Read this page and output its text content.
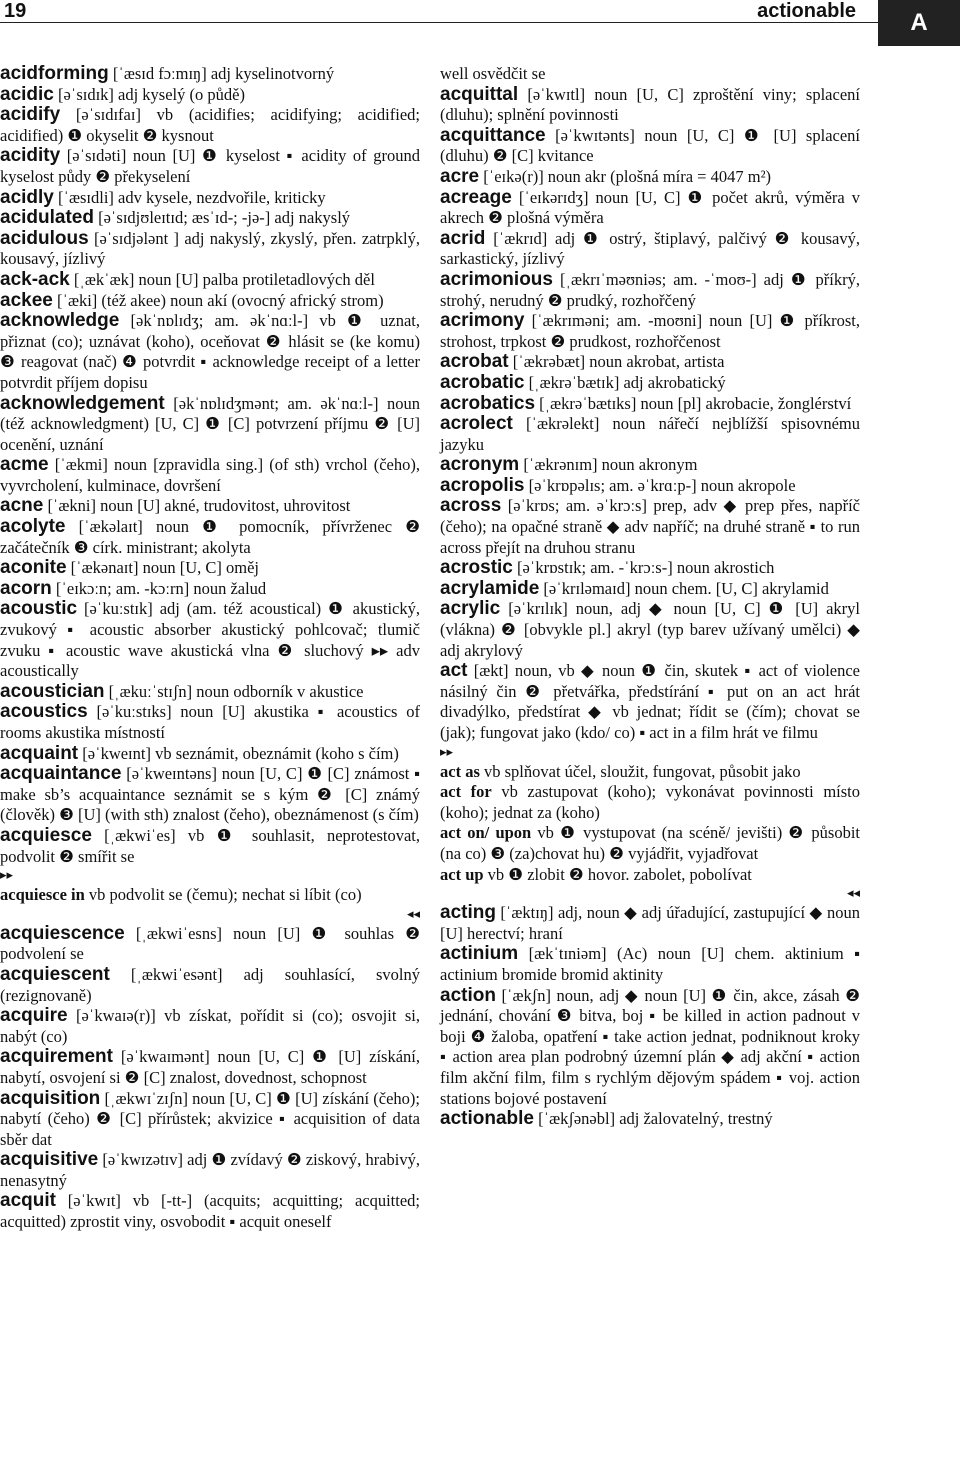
19	actionable A

acidforming [ˈæsɪd fɔːmɪŋ] adj kyselinotvorný

acidic [əˈsɪdɪk] adj kyselý (o půdě)

acidify [əˈsɪdɪfaɪ] vb (acidifies; acidifying; acidified; acidified) ❶ okyselit ❷ kysnout

acidity [əˈsɪdəti] noun [U] ❶ kyselost ▪ acidity of ground kyselost půdy ❷ překyselení

acidly [ˈæsɪdli] adv kysele, nezdvořile, kriticky

acidulated [əˈsɪdjʊleɪtɪd; æsˈɪd-; -jə-] adj nakyslý

acidulous [əˈsɪdjələnt ] adj nakyslý, zkyslý, přen. zatrpklý, kousavý, jízlivý

ack-ack [ˌækˈæk] noun [U] palba protiletadlových děl

ackee [ˈæki] (též akee) noun akí (ovocný africký strom)

acknowledge [əkˈnɒlɪdʒ; am. əkˈnɑːl-] vb ❶ uznat, přiznat (co); uznávat (koho), oceňovat ❷ hlásit se (ke komu) ❸ reagovat (nač) ❹ potvrdit ▪ acknowledge receipt of a letter potvrdit příjem dopisu

acknowledgement [əkˈnɒlɪdʒmənt; am. əkˈnɑːl-] noun (též acknowledgment) [U, C] ❶ [C] potvrzení příjmu ❷ [U] ocenění, uznání

acme [ˈækmi] noun [zpravidla sing.] (of sth) vrchol (čeho), vyvrcholení, kulminace, dovršení

acne [ˈækni] noun [U] akné, trudovitost, uhrovitost

acolyte [ˈækəlaɪt] noun ❶ pomocník, přívrženec ❷ začátečník ❸ círk. ministrant; akolyta

aconite [ˈækənaɪt] noun [U, C] oměj

acorn [ˈeɪkɔːn; am. -kɔːrn] noun žalud

acoustic [əˈkuːstɪk] adj (am. též acoustical) ❶ akustický, zvukový ▪ acoustic absorber akustický pohlcovač; tlumič zvuku ▪ acoustic wave akustická vlna ❷ sluchový ▸▸ adv acoustically

acoustician [ˌækuːˈstɪʃn] noun odborník v akustice

acoustics [əˈkuːstɪks] noun [U] akustika ▪ acoustics of rooms akustika místností

acquaint [əˈkweɪnt] vb seznámit, obeznámit (koho s čím)

acquaintance [əˈkweɪntəns] noun [U, C] ❶ [C] známost ▪ make sb’s acquaintance seznámit se s kým ❷ [C] známý (člověk) ❸ [U] (with sth) znalost (čeho), obeznámenost (s čím)

acquiesce [ˌækwiˈes] vb ❶ souhlasit, neprotestovat, podvolit ❷ smířit se

▸▸

acquiesce in vb podvolit se (čemu); nechat si líbit (co)

◂◂

acquiescence [ˌækwiˈesns] noun [U] ❶ souhlas ❷ podvolení se

acquiescent [ˌækwiˈesənt] adj souhlasící, svolný (rezignovaně)

acquire [əˈkwaɪə(r)] vb získat, pořídit si (co); osvojit si, nabýt (co)

acquirement [əˈkwaɪmənt] noun [U, C] ❶ [U] získání, nabytí, osvojení si ❷ [C] znalost, dovednost, schopnost

acquisition [ˌækwɪˈzɪʃn] noun [U, C] ❶ [U] získání (čeho); nabytí (čeho) ❷ [C] přírůstek; akvizice ▪ acquisition of data sběr dat

acquisitive [əˈkwɪzətɪv] adj ❶ zvídavý ❷ ziskový, hrabivý, nenasytný

acquit [əˈkwɪt] vb [-tt-] (acquits; acquitting; acquitted; acquitted) zprostit viny, osvobodit ▪ acquit oneself

well osvědčit se

acquittal [əˈkwɪtl] noun [U, C] zproštění viny; splacení (dluhu); splnění povinnosti

acquittance [əˈkwɪtənts] noun [U, C] ❶ [U] splacení (dluhu) ❷ [C] kvitance

acre [ˈeɪkə(r)] noun akr (plošná míra = 4047 m²)

acreage [ˈeɪkərɪdʒ] noun [U, C] ❶ počet akrů, výměra v akrech ❷ plošná výměra

acrid [ˈækrɪd] adj ❶ ostrý, štiplavý, palčivý ❷ kousavý, sarkastický, jízlivý

acrimonious [ˌækrɪˈməʊniəs; am. -ˈmoʊ-] adj ❶ příkrý, strohý, nerudný ❷ prudký, rozhořčený

acrimony [ˈækrɪməni; am. -moʊni] noun [U] ❶ příkrost, strohost, trpkost ❷ prudkost, rozhořčenost

acrobat [ˈækrəbæt] noun akrobat, artista

acrobatic [ˌækrəˈbætɪk] adj akrobatický

acrobatics [ˌækrəˈbætɪks] noun [pl] akrobacie, žonglérství

acrolect [ˈækrəlekt] noun nářečí nejblížší spisovnému jazyku

acronym [ˈækrənɪm] noun akronym

acropolis [əˈkrɒpəlɪs; am. əˈkrɑːp-] noun akropole

across [əˈkrɒs; am. əˈkrɔːs] prep, adv ◆ prep přes, napříč (čeho); na opačné straně ◆ adv napříč; na druhé straně ▪ to run across přejít na druhou stranu

acrostic [əˈkrɒstɪk; am. -ˈkrɔːs-] noun akrostich

acrylamide [əˈkrɪləmaɪd] noun chem. [U, C] akrylamid

acrylic [əˈkrɪlɪk] noun, adj ◆ noun [U, C] ❶ [U] akryl (vlákna) ❷ [obvykle pl.] akryl (typ barev užívaný umělci) ◆ adj akrylový

act [ækt] noun, vb ◆ noun ❶ čin, skutek ▪ act of violence násilný čin ❷ přetvářka, předstírání ▪ put on an act hrát divadýlko, předstírat ◆ vb jednat; řídit se (čím); chovat se (jak); fungovat jako (kdo/ co) ▪ act in a film hrát ve filmu

▸▸

act as vb splňovat účel, sloužit, fungovat, působit jako

act for vb zastupovat (koho); vykonávat povinnosti místo (koho); jednat za (koho)

act on/ upon vb ❶ vystupovat (na scéně/ jevišti) ❷ působit (na co) ❸ (za)chovat hu) ❷ vyjádřit, vyjadřovat

act up vb ❶ zlobit ❷ hovor. zabolet, pobolívat

◂◂

acting [ˈæktɪŋ] adj, noun ◆ adj úřadující, zastupující ◆ noun [U] herectví; hraní

actinium [ækˈtɪniəm] (Ac) noun [U] chem. aktinium ▪ actinium bromide bromid aktinity

action [ˈækʃn] noun, adj ◆ noun [U] ❶ čin, akce, zásah ❷ jednání, chování ❸ bitva, boj ▪ be killed in action padnout v boji ❹ žaloba, opatření ▪ take action jednat, podniknout kroky ▪ action area plan podrobný územní plán ◆ adj akční ▪ action film akční film, film s rychlým dějovým spádem ▪ voj. action stations bojové postavení

actionable [ˈækʃənəbl] adj žalovatelný, trestný
